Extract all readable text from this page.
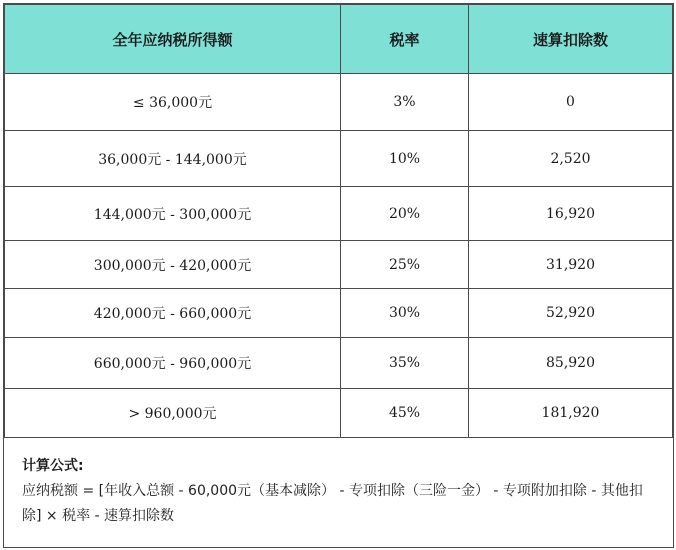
全年应纳税所得额	税率	速算扣除数
≤ 36,000元	3%	0
36,000元 - 144,000元	10%	2,520
144,000元 - 300,000元	20%	16,920
300,000元 - 420,000元	25%	31,920
420,000元 - 660,000元	30%	52,920
660,000元 - 960,000元	35%	85,920
> 960,000元	45%	181,920
计算公式:
应纳税额 = [年收入总额 - 60,000元（基本减除） - 专项扣除（三险一金） - 专项附加扣除 - 其他扣除] × 税率 - 速算扣除数
